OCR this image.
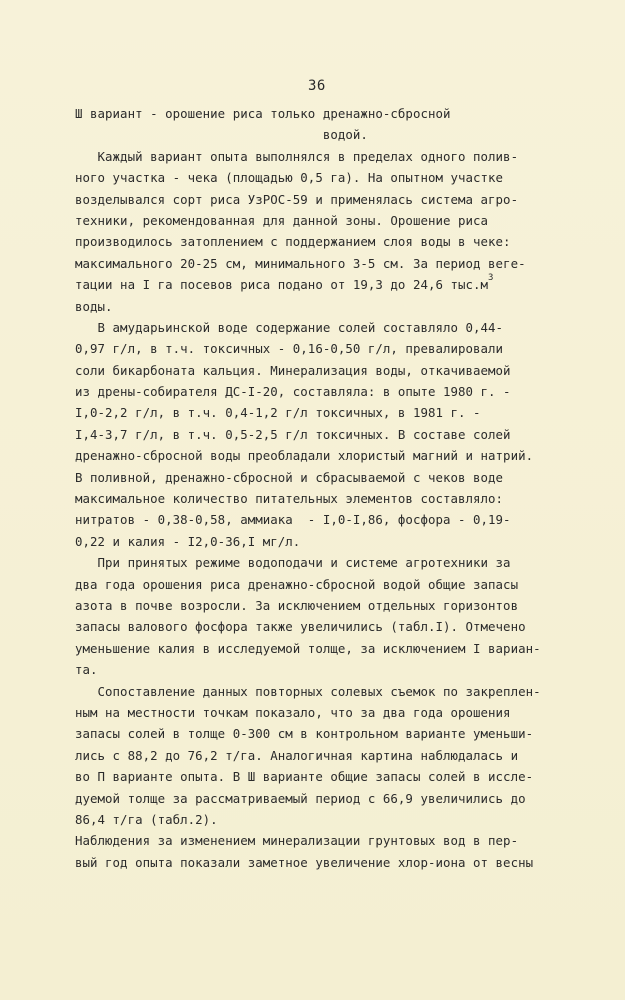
36
Ш вариант - орошение риса только дренажно-сбросной
водой.
Каждый вариант опыта выполнялся в пределах одного полив-
ного участка - чека (площадью 0,5 га). На опытном участке
возделывался сорт риса УзРОС-59 и применялась система агро-
техники, рекомендованная для данной зоны. Орошение риса
производилось затоплением с поддержанием слоя воды в чеке:
максимального 20-25 см, минимального 3-5 см. За период веге-
тации на I га посевов риса подано от 19,3 до 24,6 $тыс.м^3$
воды.
В амударьинской воде содержание солей составляло 0,44-
0,97 г/л, в т.ч. токсичных - 0,16-0,50 г/л, превалировали
соли бикарбоната кальция. Минерализация воды, откачиваемой
из дрены-собирателя ДС-I-20, составляла: в опыте 1980 г. -
I,0-2,2 г/л, в т.ч. 0,4-1,2 г/л токсичных, в 1981 г. -
I,4-3,7 г/л, в т.ч. 0,5-2,5 г/л токсичных. В составе солей
дренажно-сбросной воды преобладали хлористый магний и натрий.
В поливной, дренажно-сбросной и сбрасываемой с чеков воде
максимальное количество питательных элементов составляло:
нитратов - 0,38-0,58, аммиака  - I,0-I,86, фосфора - 0,19-
0,22 и калия - I2,0-36,I мг/л.
При принятых режиме водоподачи и системе агротехники за
два года орошения риса дренажно-сбросной водой общие запасы
азота в почве возросли. За исключением отдельных горизонтов
запасы валового фосфора также увеличились (табл.I). Отмечено
уменьшение калия в исследуемой толще, за исключением I вариан-
та.
Сопоставление данных повторных солевых съемок по закреплен-
ным на местности точкам показало, что за два года орошения
запасы солей в толще 0-300 см в контрольном варианте уменьши-
лись с 88,2 до 76,2 т/га. Аналогичная картина наблюдалась и
во П варианте опыта. В Ш варианте общие запасы солей в иссле-
дуемой толще за рассматриваемый период с 66,9 увеличились до
86,4 т/га (табл.2).
Наблюдения за изменением минерализации грунтовых вод в пер-
вый год опыта показали заметное увеличение хлор-иона от весны
